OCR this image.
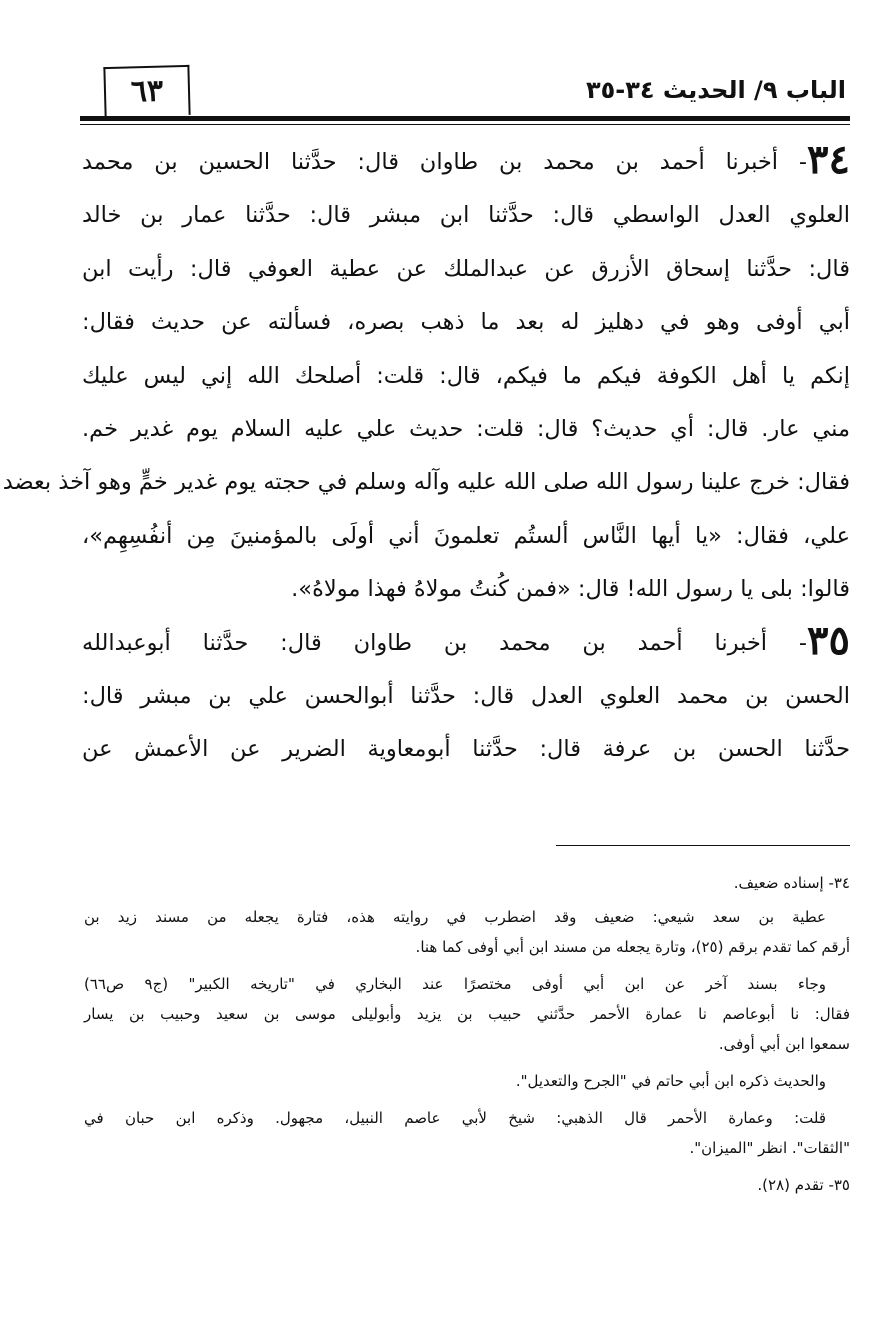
٦٣	الباب ٩/ الحديث ٣٤-٣٥
٣٤- أخبرنا أحمد بن محمد بن طاوان قال: حدَّثنا الحسين بن محمد
العلوي العدل الواسطي قال: حدَّثنا ابن مبشر قال: حدَّثنا عمار بن خالد
قال: حدَّثنا إسحاق الأزرق عن عبدالملك عن عطية العوفي قال: رأيت ابن
أبي أوفى وهو في دهليز له بعد ما ذهب بصره، فسألته عن حديث فقال:
إنكم يا أهل الكوفة فيكم ما فيكم، قال: قلت: أصلحك الله إني ليس عليك
مني عار. قال: أي حديث؟ قال: قلت: حديث علي عليه السلام يوم غدير خم.
فقال: خرج علينا رسول الله صلى الله عليه وآله وسلم في حجته يوم غدير خمٍّ وهو آخذ بعضد
علي، فقال: «يا أيها النَّاس ألستُم تعلمونَ أني أولَى بالمؤمنينَ مِن أنفُسِهِم»،
قالوا: بلى يا رسول الله! قال: «فمن كُنتُ مولاهُ فهذا مولاهُ».
٣٥- أخبرنا أحمد بن محمد بن طاوان قال: حدَّثنا أبوعبدالله
الحسن بن محمد العلوي العدل قال: حدَّثنا أبوالحسن علي بن مبشر قال:
حدَّثنا الحسن بن عرفة قال: حدَّثنا أبومعاوية الضرير عن الأعمش عن
٣٤- إسناده ضعيف.
عطية بن سعد شيعي: ضعيف وقد اضطرب في روايته هذه، فتارة يجعله من مسند زيد بن
أرقم كما تقدم برقم (٢٥)، وتارة يجعله من مسند ابن أبي أوفى كما هنا.
وجاء بسند آخر عن ابن أبي أوفى مختصرًا عند البخاري في "تاريخه الكبير" (ج٩ ص٦٦)
فقال: نا أبوعاصم نا عمارة الأحمر حدَّثني حبيب بن يزيد وأبوليلى موسى بن سعيد وحبيب بن يسار
سمعوا ابن أبي أوفى.
والحديث ذكره ابن أبي حاتم في "الجرح والتعديل".
قلت: وعمارة الأحمر قال الذهبي: شيخ لأبي عاصم النبيل، مجهول. وذكره ابن حبان في
"الثقات". انظر "الميزان".
٣٥- تقدم (٢٨).
